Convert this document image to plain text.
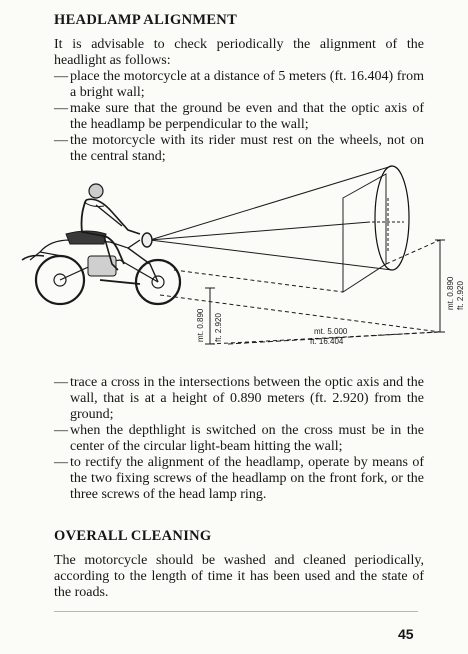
HEADLAMP ALIGNMENT

It is advisable to check periodically the alignment of the headlight as follows:

— place the motorcycle at a distance of 5 meters (ft. 16.404) from a bright wall;
— make sure that the ground be even and that the optic axis of the headlamp be perpendicular to the wall;
— the motorcycle with its rider must rest on the wheels, not on the central stand;
mt. 0.890 ft. 2.920	mt. 5.000
ft. 16.404
mt. 0.890 ft. 2.920
— trace a cross in the intersections between the optic axis and the wall, that is at a height of 0.890 meters (ft. 2.920) from the ground;
— when the depthlight is switched on the cross must be in the center of the circular light-beam hitting the wall;
— to rectify the alignment of the headlamp, operate by means of the two fixing screws of the headlamp on the front fork, or the three screws of the head lamp ring.
OVERALL CLEANING

The motorcycle should be washed and cleaned periodically, according to the length of time it has been used and the state of the roads.

45
